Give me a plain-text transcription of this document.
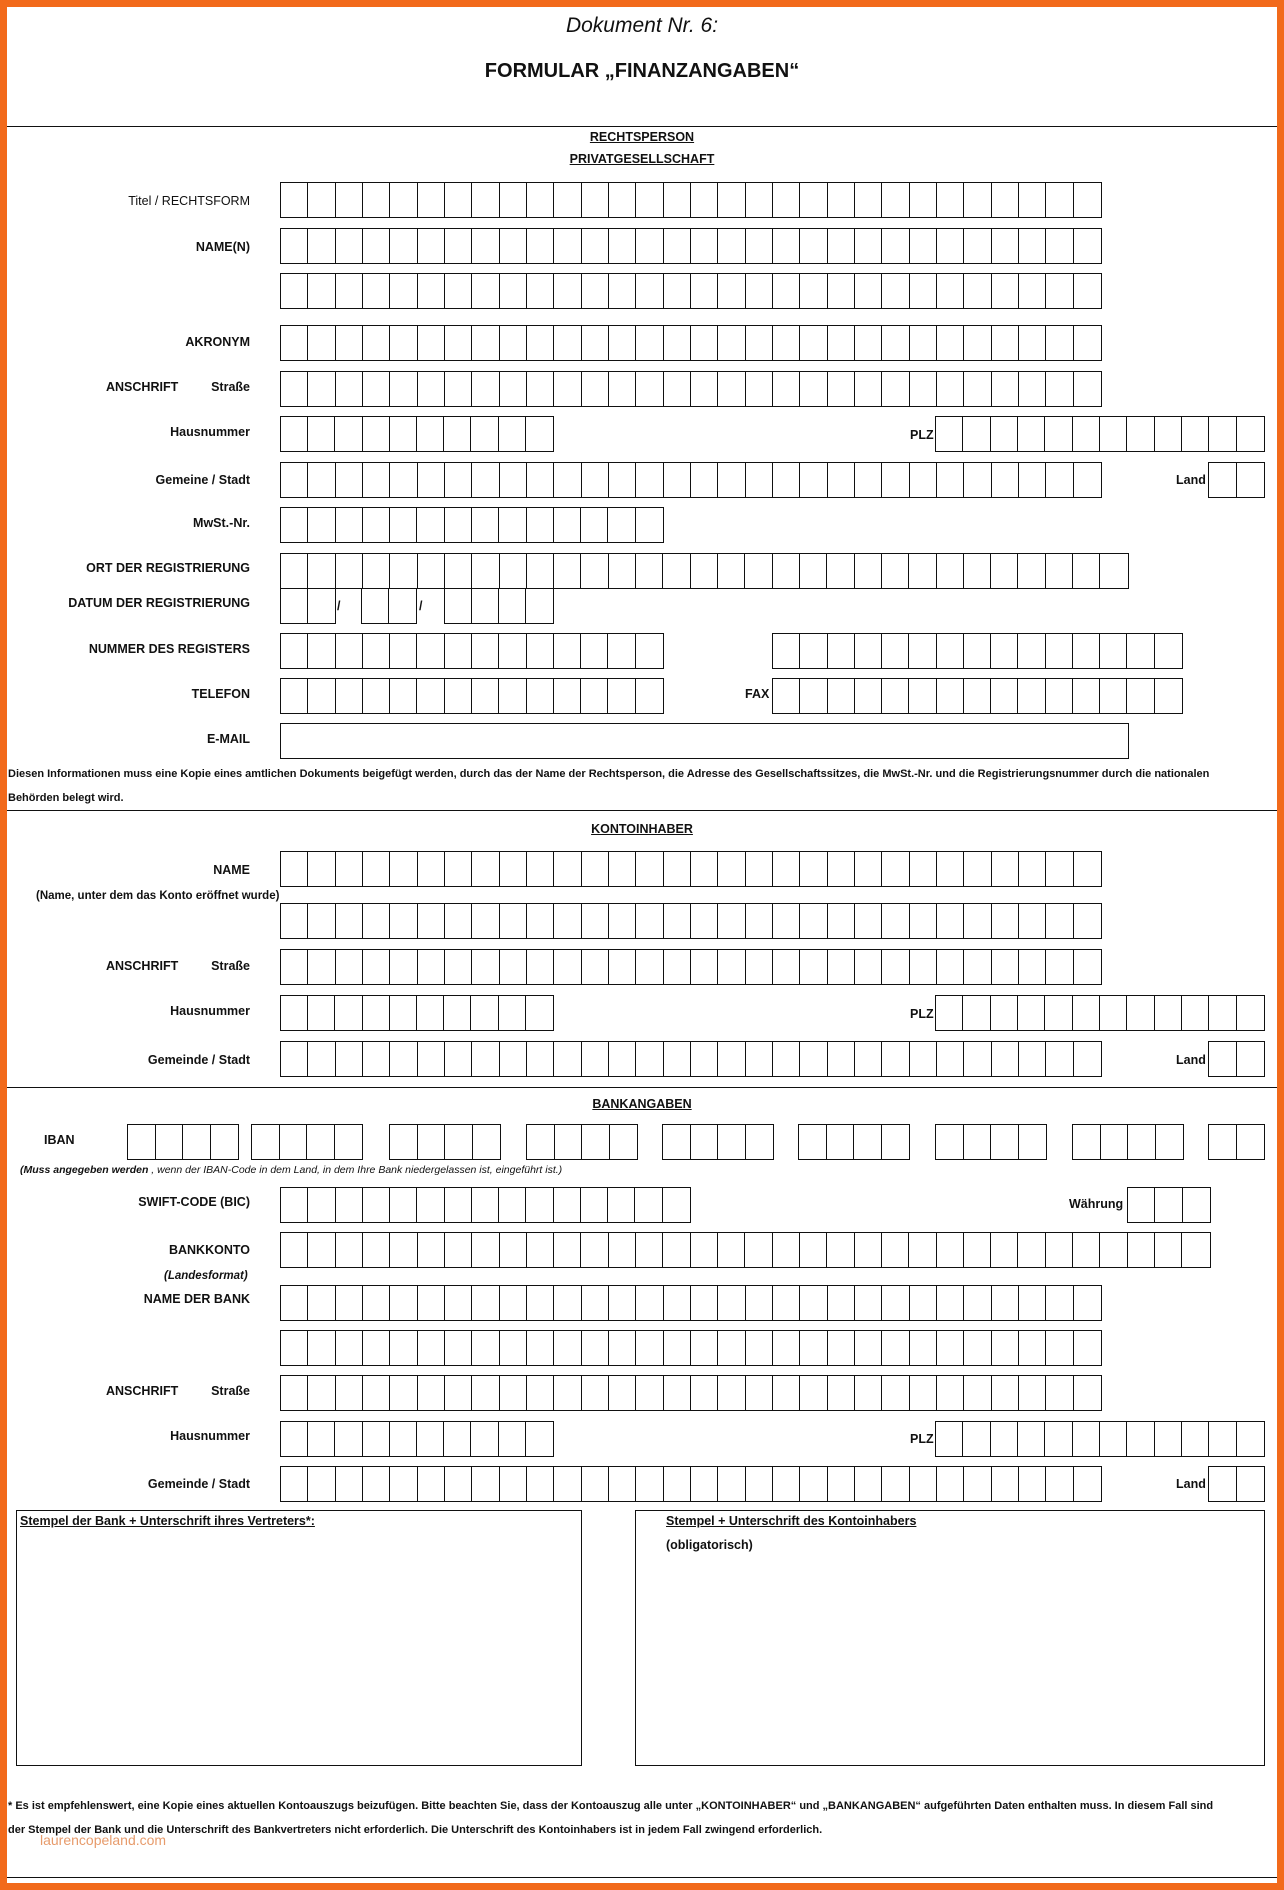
Dokument Nr. 6:
FORMULAR „FINANZANGABEN“
RECHTSPERSON
PRIVATGESELLSCHAFT
Titel / RECHTSFORM
NAME(N)
AKRONYM
ANSCHRIFT	Straße
Hausnummer	PLZ
Gemeine / Stadt	Land
MwSt.-Nr.
ORT DER REGISTRIERUNG
DATUM DER REGISTRIERUNG	/	/
NUMMER DES REGISTERS
TELEFON	FAX
E-MAIL
Diesen Informationen muss eine Kopie eines amtlichen Dokuments beigefügt werden, durch das der Name der Rechtsperson, die Adresse des Gesellschaftssitzes, die MwSt.-Nr. und die Registrierungsnummer durch die nationalen
Behörden belegt wird.
KONTOINHABER
NAME
(Name, unter dem das Konto eröffnet wurde)
ANSCHRIFT	Straße
Hausnummer	PLZ
Gemeinde / Stadt	Land
BANKANGABEN
IBAN
(Muss angegeben werden , wenn der IBAN-Code in dem Land, in dem Ihre Bank niedergelassen ist, eingeführt ist.)
SWIFT-CODE (BIC)	Währung
BANKKONTO
(Landesformat)
NAME DER BANK
ANSCHRIFT	Straße
Hausnummer	PLZ
Gemeinde / Stadt	Land
Stempel der Bank + Unterschrift ihres Vertreters*:	Stempel + Unterschrift des Kontoinhabers
(obligatorisch)
* Es ist empfehlenswert, eine Kopie eines aktuellen Kontoauszugs beizufügen. Bitte beachten Sie, dass der Kontoauszug alle unter „KONTOINHABER“ und „BANKANGABEN“ aufgeführten Daten enthalten muss. In diesem Fall sind
der Stempel der Bank und die Unterschrift des Bankvertreters nicht erforderlich. Die Unterschrift des Kontoinhabers ist in jedem Fall zwingend erforderlich.
laurencopeland.com
